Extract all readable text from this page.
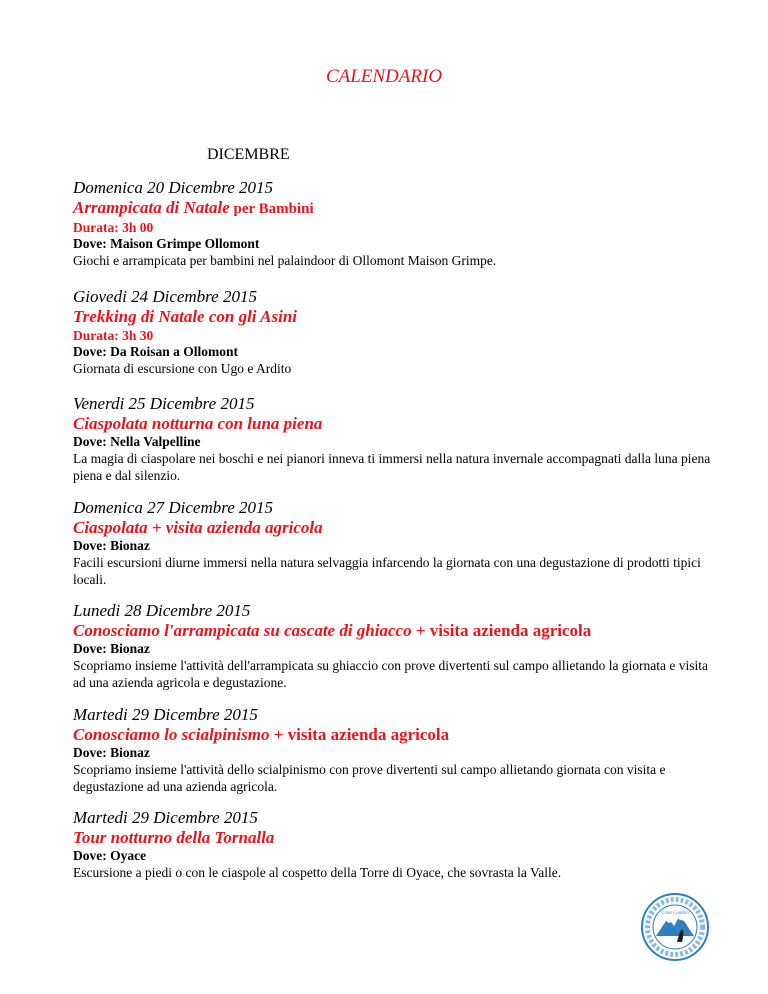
CALENDARIO
DICEMBRE
Domenica 20 Dicembre 2015
Arrampicata di Natale per Bambini
Durata: 3h 00
Dove: Maison Grimpe Ollomont
Giochi e arrampicata per bambini nel palaindoor di Ollomont Maison Grimpe.
Giovedi 24 Dicembre 2015
Trekking di Natale con gli Asini
Durata: 3h 30
Dove: Da Roisan a Ollomont
Giornata di escursione con Ugo e Ardito
Venerdi 25 Dicembre 2015
Ciaspolata notturna con luna piena
Dove: Nella Valpelline
La magia di ciaspolare nei boschi e nei pianori inneva ti immersi nella natura invernale accompagnati dalla luna piena piena e dal silenzio.
Domenica 27 Dicembre 2015
Ciaspolata + visita azienda agricola
Dove: Bionaz
Facili escursioni diurne immersi nella natura selvaggia infarcendo la giornata con una degustazione di prodotti tipici locali.
Lunedi 28 Dicembre 2015
Conosciamo l'arrampicata su cascate di ghiacco + visita azienda agricola
Dove: Bionaz
Scopriamo insieme l'attività dell'arrampicata su ghiaccio con prove divertenti sul campo allietando la giornata e visita ad una azienda agricola e degustazione.
Martedi 29 Dicembre 2015
Conosciamo lo scialpinismo + visita azienda agricola
Dove: Bionaz
Scopriamo insieme l'attività dello scialpinismo con prove divertenti sul campo allietando giornata con visita e degustazione ad una azienda agricola.
Martedi 29 Dicembre 2015
Tour notturno della Tornalla
Dove: Oyace
Escursione a piedi o con le ciaspole al cospetto della Torre di Oyace, che sovrasta la Valle.
Gran Combin
